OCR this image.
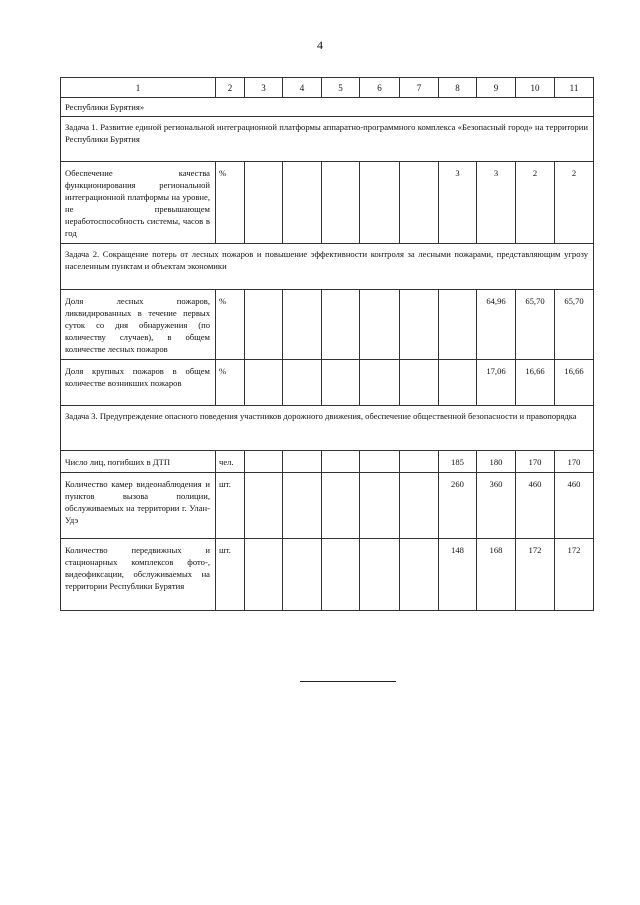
4
1	2	3	4	5	6	7	8	9	10	11
Республики Бурятия»										
Задача 1. Развитие единой региональной интеграционной платформы аппаратно-программного комплекса «Безопасный город» на территории Республики Бурятия										
Обеспечение качества функционирования региональной интеграционной платформы на уровне, не превышающем неработоспособность системы, часов в год	%						3	3	2	2
Задача 2. Сокращение потерь от лесных пожаров и повышение эффективности контроля за лесными пожарами, представляющим угрозу населенным пунктам и объектам экономики										
Доля лесных пожаров, ликвидированных в течение первых суток со дня обнаружения (по количеству случаев), в общем количестве лесных пожаров	%							64,96	65,70	65,70
Доля крупных пожаров в общем количестве возникших пожаров	%							17,06	16,66	16,66
Задача 3. Предупреждение опасного поведения участников дорожного движения, обеспечение общественной безопасности и правопорядка										
Число лиц, погибших в ДТП	чел.						185	180	170	170
Количество камер видеонаблюдения и пунктов вызова полиции, обслуживаемых на территории г. Улан-Удэ	шт.						260	360	460	460
Количество передвижных и стационарных комплексов фото-, видеофиксации, обслуживаемых на территории Республики Бурятия	шт.						148	168	172	172
